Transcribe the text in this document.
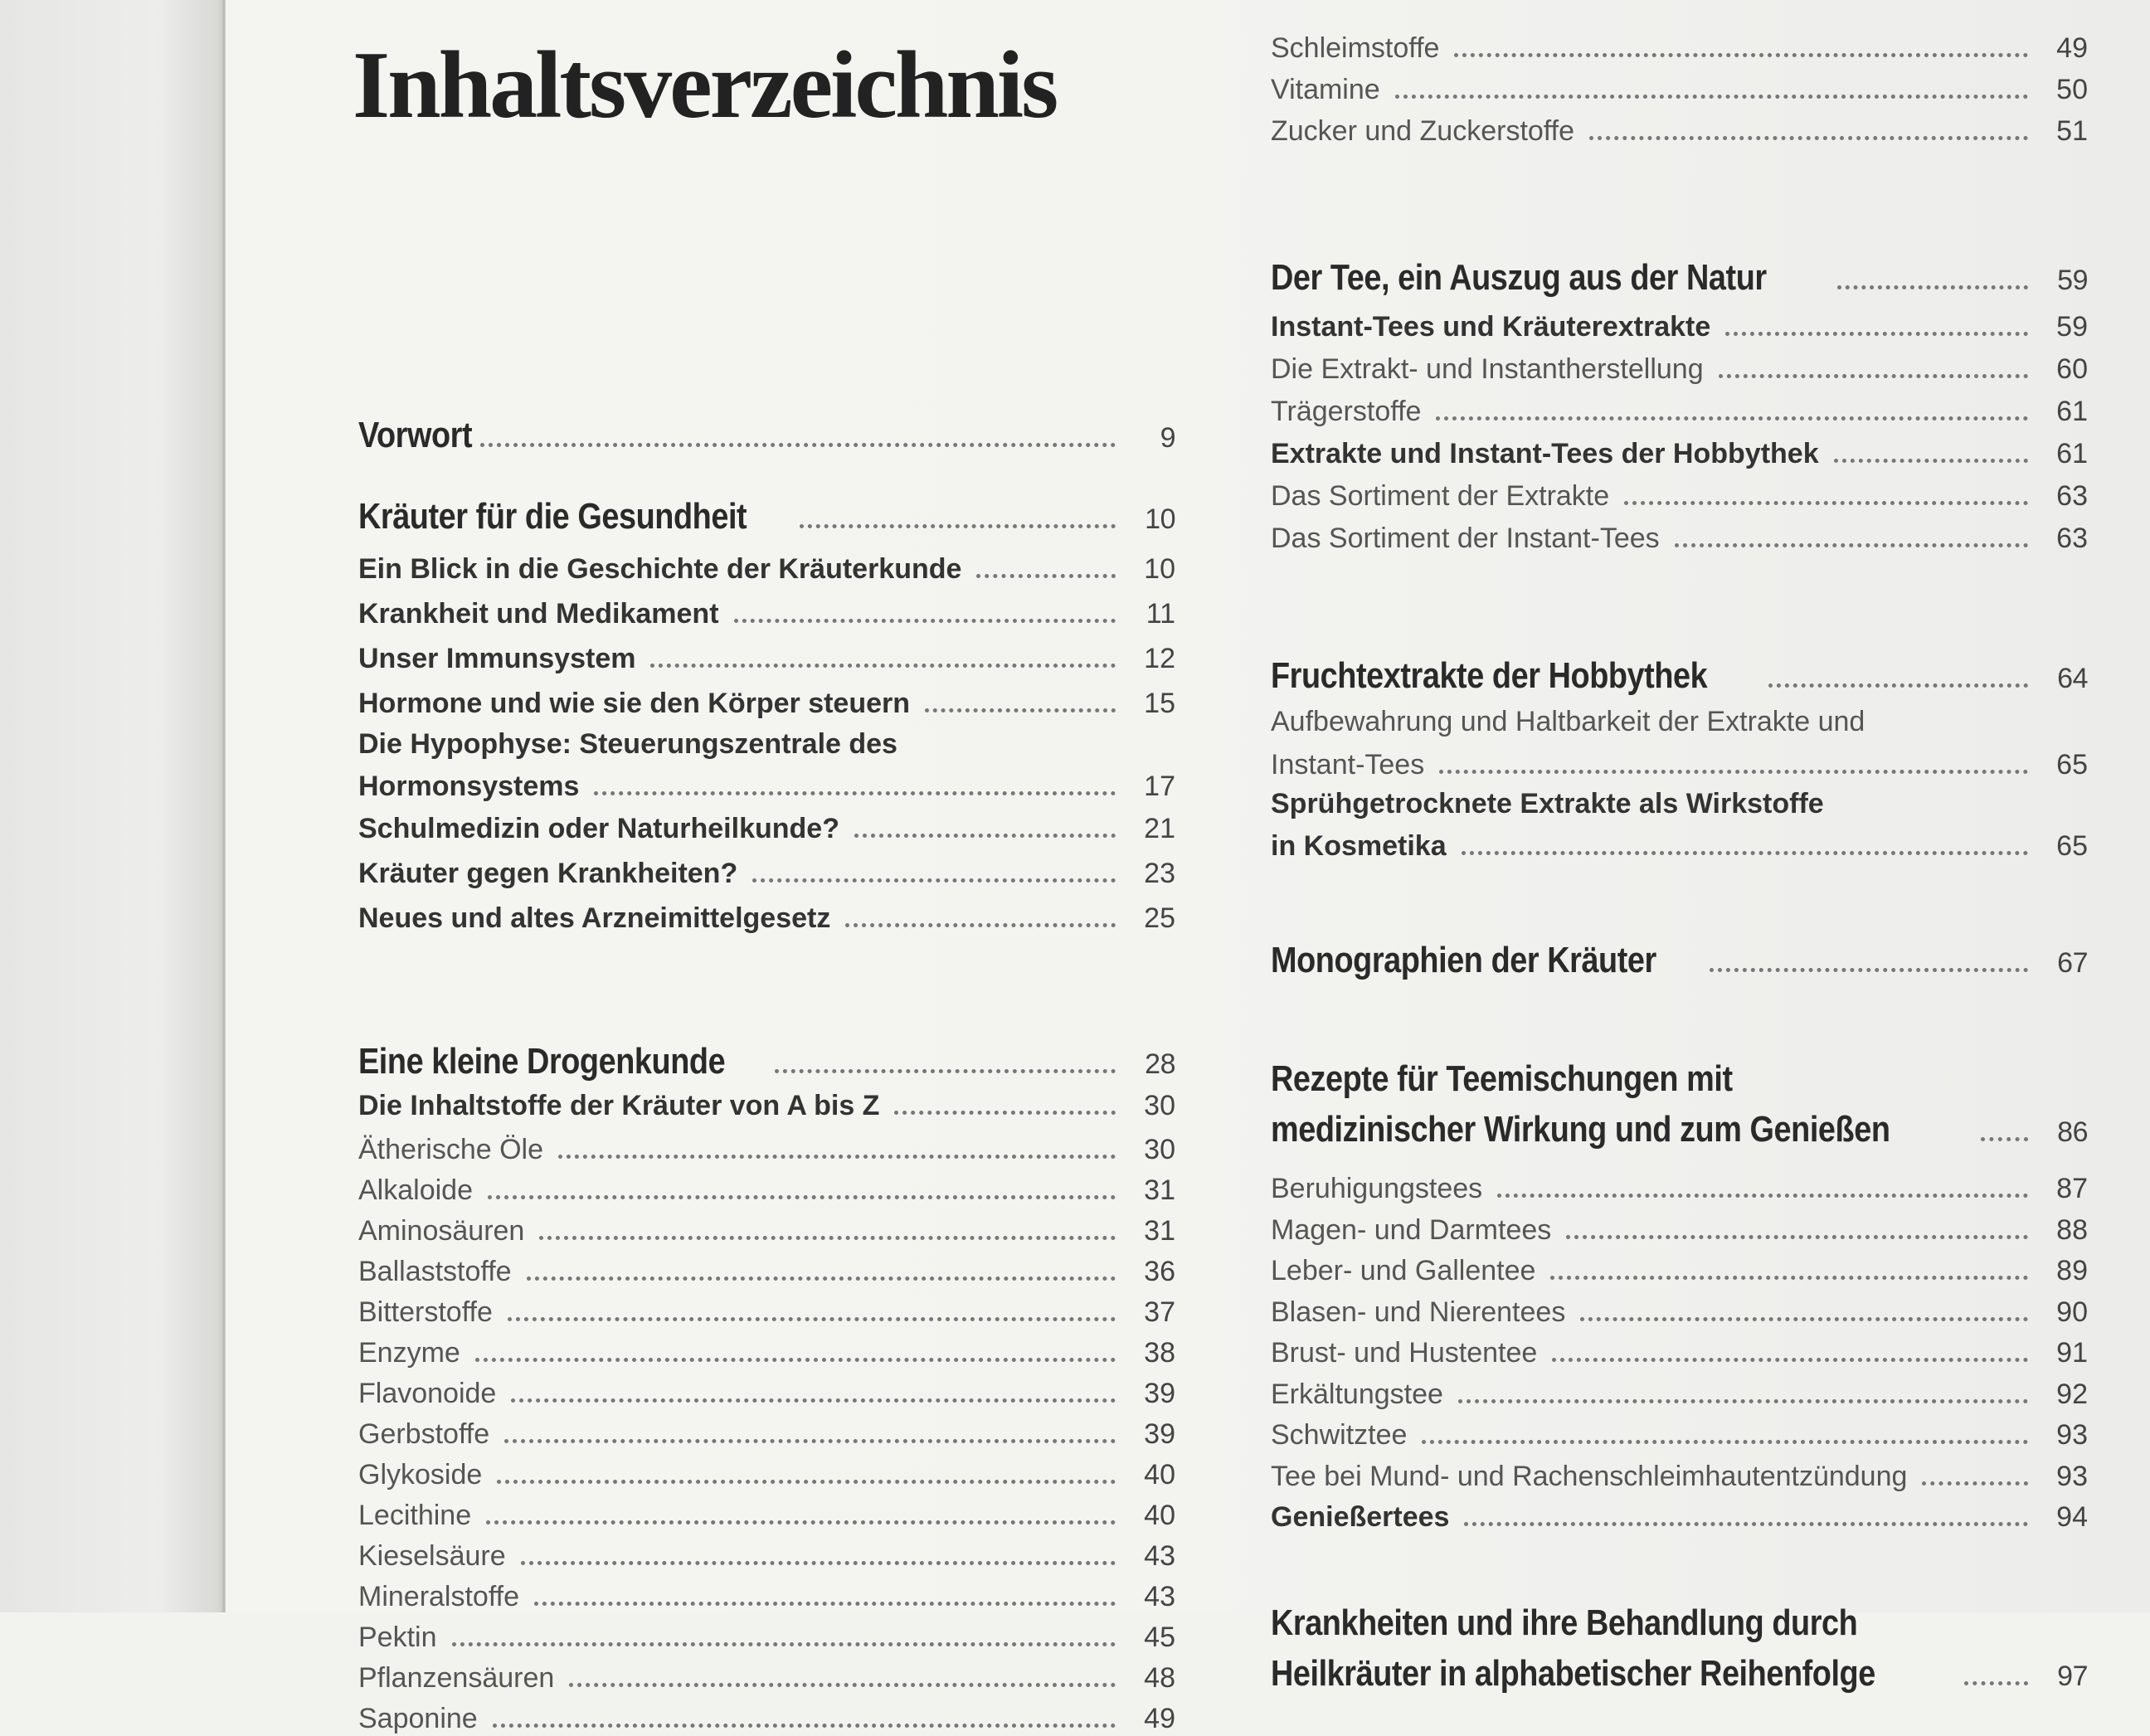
Inhaltsverzeichnis
Vorwort	9
Kräuter für die Gesundheit	10
Ein Blick in die Geschichte der Kräuterkunde	10
Krankheit und Medikament	11
Unser Immunsystem	12
Hormone und wie sie den Körper steuern	15
Die Hypophyse: Steuerungszentrale des
Hormonsystems	17
Schulmedizin oder Naturheilkunde?	21
Kräuter gegen Krankheiten?	23
Neues und altes Arzneimittelgesetz	25
Eine kleine Drogenkunde	28
Die Inhaltstoffe der Kräuter von A bis Z	30
Ätherische Öle	30
Alkaloide	31
Aminosäuren	31
Ballaststoffe	36
Bitterstoffe	37
Enzyme	38
Flavonoide	39
Gerbstoffe	39
Glykoside	40
Lecithine	40
Kieselsäure	43
Mineralstoffe	43
Pektin	45
Pflanzensäuren	48
Saponine	49
Schleimstoffe	49
Vitamine	50
Zucker und Zuckerstoffe	51
Der Tee, ein Auszug aus der Natur	59
Instant-Tees und Kräuterextrakte	59
Die Extrakt- und Instantherstellung	60
Trägerstoffe	61
Extrakte und Instant-Tees der Hobbythek	61
Das Sortiment der Extrakte	63
Das Sortiment der Instant-Tees	63
Fruchtextrakte der Hobbythek	64
Aufbewahrung und Haltbarkeit der Extrakte und
Instant-Tees	65
Sprühgetrocknete Extrakte als Wirkstoffe
in Kosmetika	65
Monographien der Kräuter	67
Rezepte für Teemischungen mit
medizinischer Wirkung und zum Genießen	86
Beruhigungstees	87
Magen- und Darmtees	88
Leber- und Gallentee	89
Blasen- und Nierentees	90
Brust- und Hustentee	91
Erkältungstee	92
Schwitztee	93
Tee bei Mund- und Rachenschleimhautentzündung	93
Genießertees	94
Krankheiten und ihre Behandlung durch
Heilkräuter in alphabetischer Reihenfolge	97
